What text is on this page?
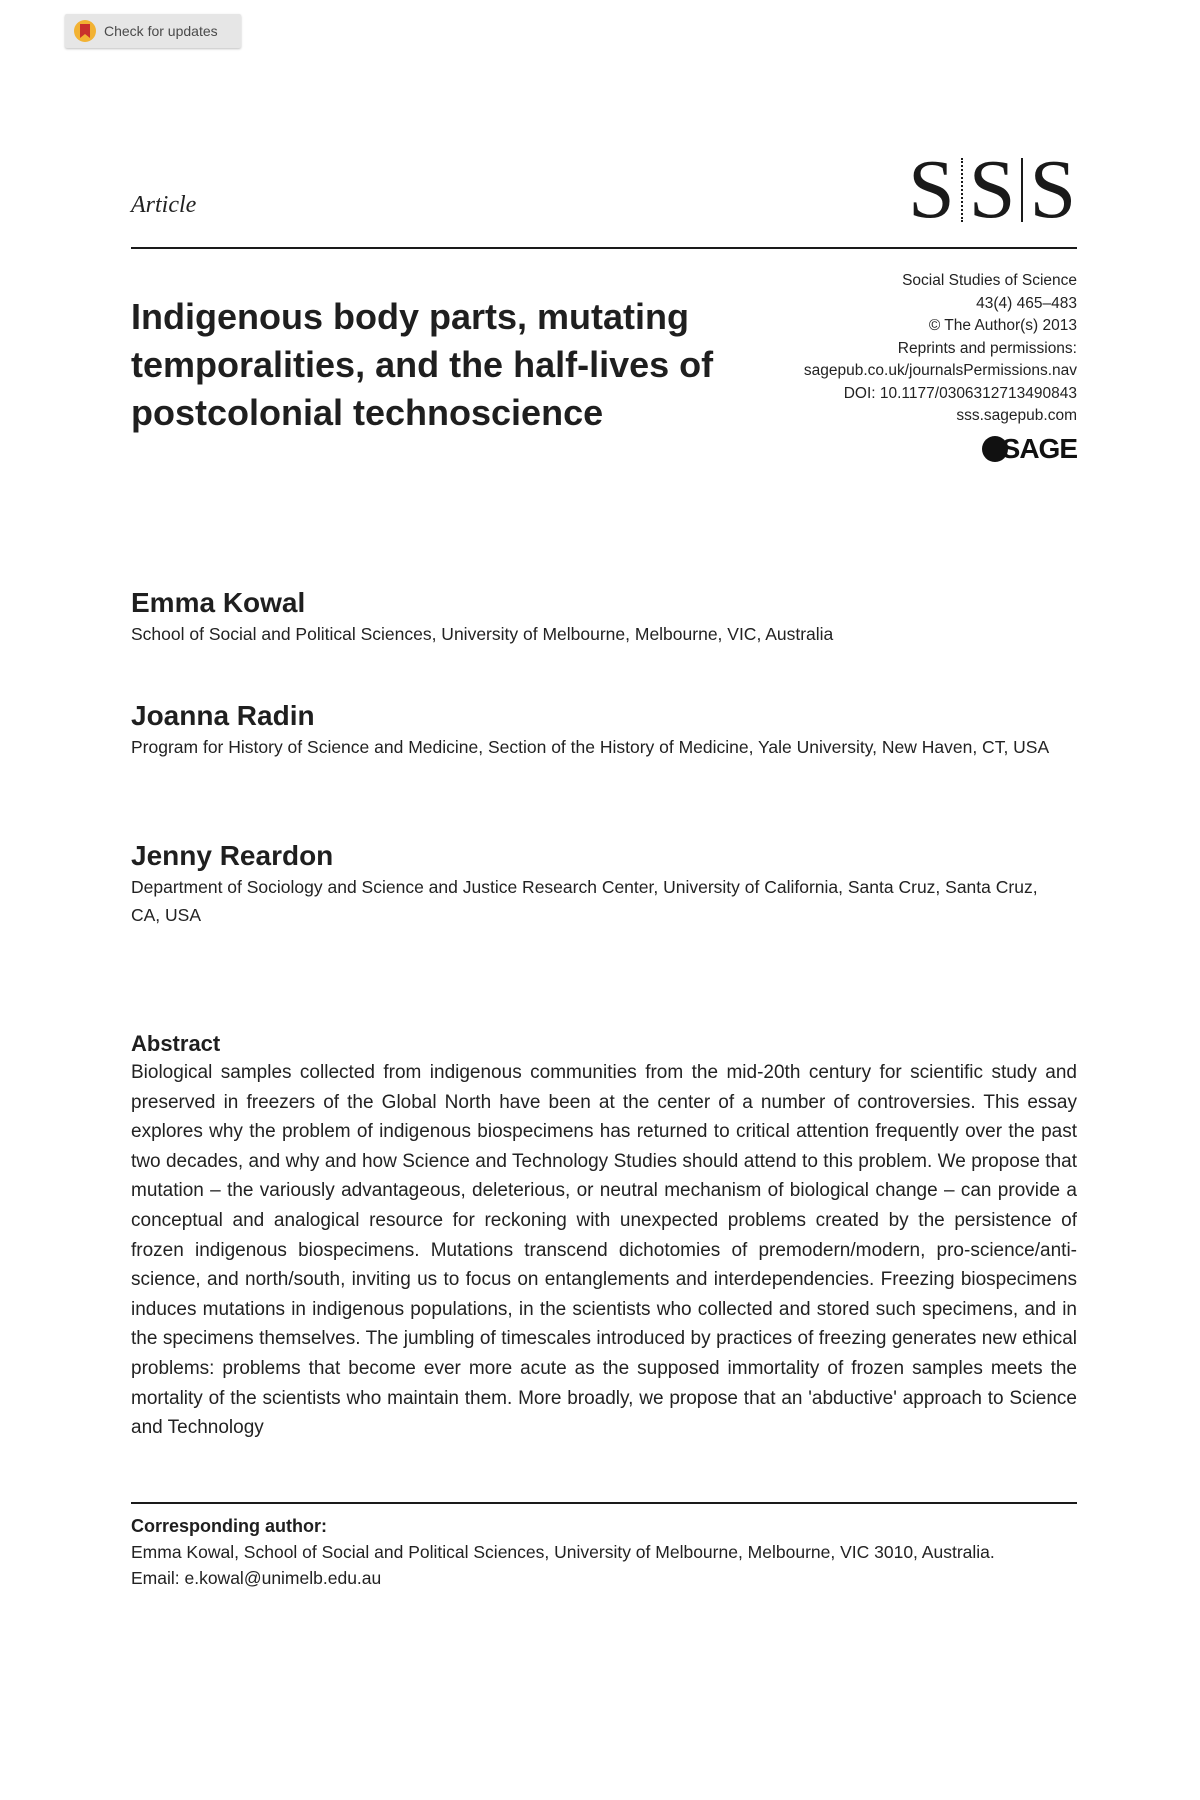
Check for updates
Article	S S S
Indigenous body parts, mutating temporalities, and the half-lives of postcolonial technoscience
Social Studies of Science
43(4) 465–483
© The Author(s) 2013
Reprints and permissions:
sagepub.co.uk/journalsPermissions.nav
DOI: 10.1177/0306312713490843
sss.sagepub.com
SAGE
Emma Kowal
School of Social and Political Sciences, University of Melbourne, Melbourne, VIC, Australia
Joanna Radin
Program for History of Science and Medicine, Section of the History of Medicine, Yale University, New Haven, CT, USA
Jenny Reardon
Department of Sociology and Science and Justice Research Center, University of California, Santa Cruz, Santa Cruz, CA, USA
Abstract

Biological samples collected from indigenous communities from the mid-20th century for scientific study and preserved in freezers of the Global North have been at the center of a number of controversies. This essay explores why the problem of indigenous biospecimens has returned to critical attention frequently over the past two decades, and why and how Science and Technology Studies should attend to this problem. We propose that mutation – the variously advantageous, deleterious, or neutral mechanism of biological change – can provide a conceptual and analogical resource for reckoning with unexpected problems created by the persistence of frozen indigenous biospecimens. Mutations transcend dichotomies of premodern/modern, pro-science/anti-science, and north/south, inviting us to focus on entanglements and interdependencies. Freezing biospecimens induces mutations in indigenous populations, in the scientists who collected and stored such specimens, and in the specimens themselves. The jumbling of timescales introduced by practices of freezing generates new ethical problems: problems that become ever more acute as the supposed immortality of frozen samples meets the mortality of the scientists who maintain them. More broadly, we propose that an 'abductive' approach to Science and Technology

Corresponding author:
Emma Kowal, School of Social and Political Sciences, University of Melbourne, Melbourne, VIC 3010, Australia.
Email: e.kowal@unimelb.edu.au
